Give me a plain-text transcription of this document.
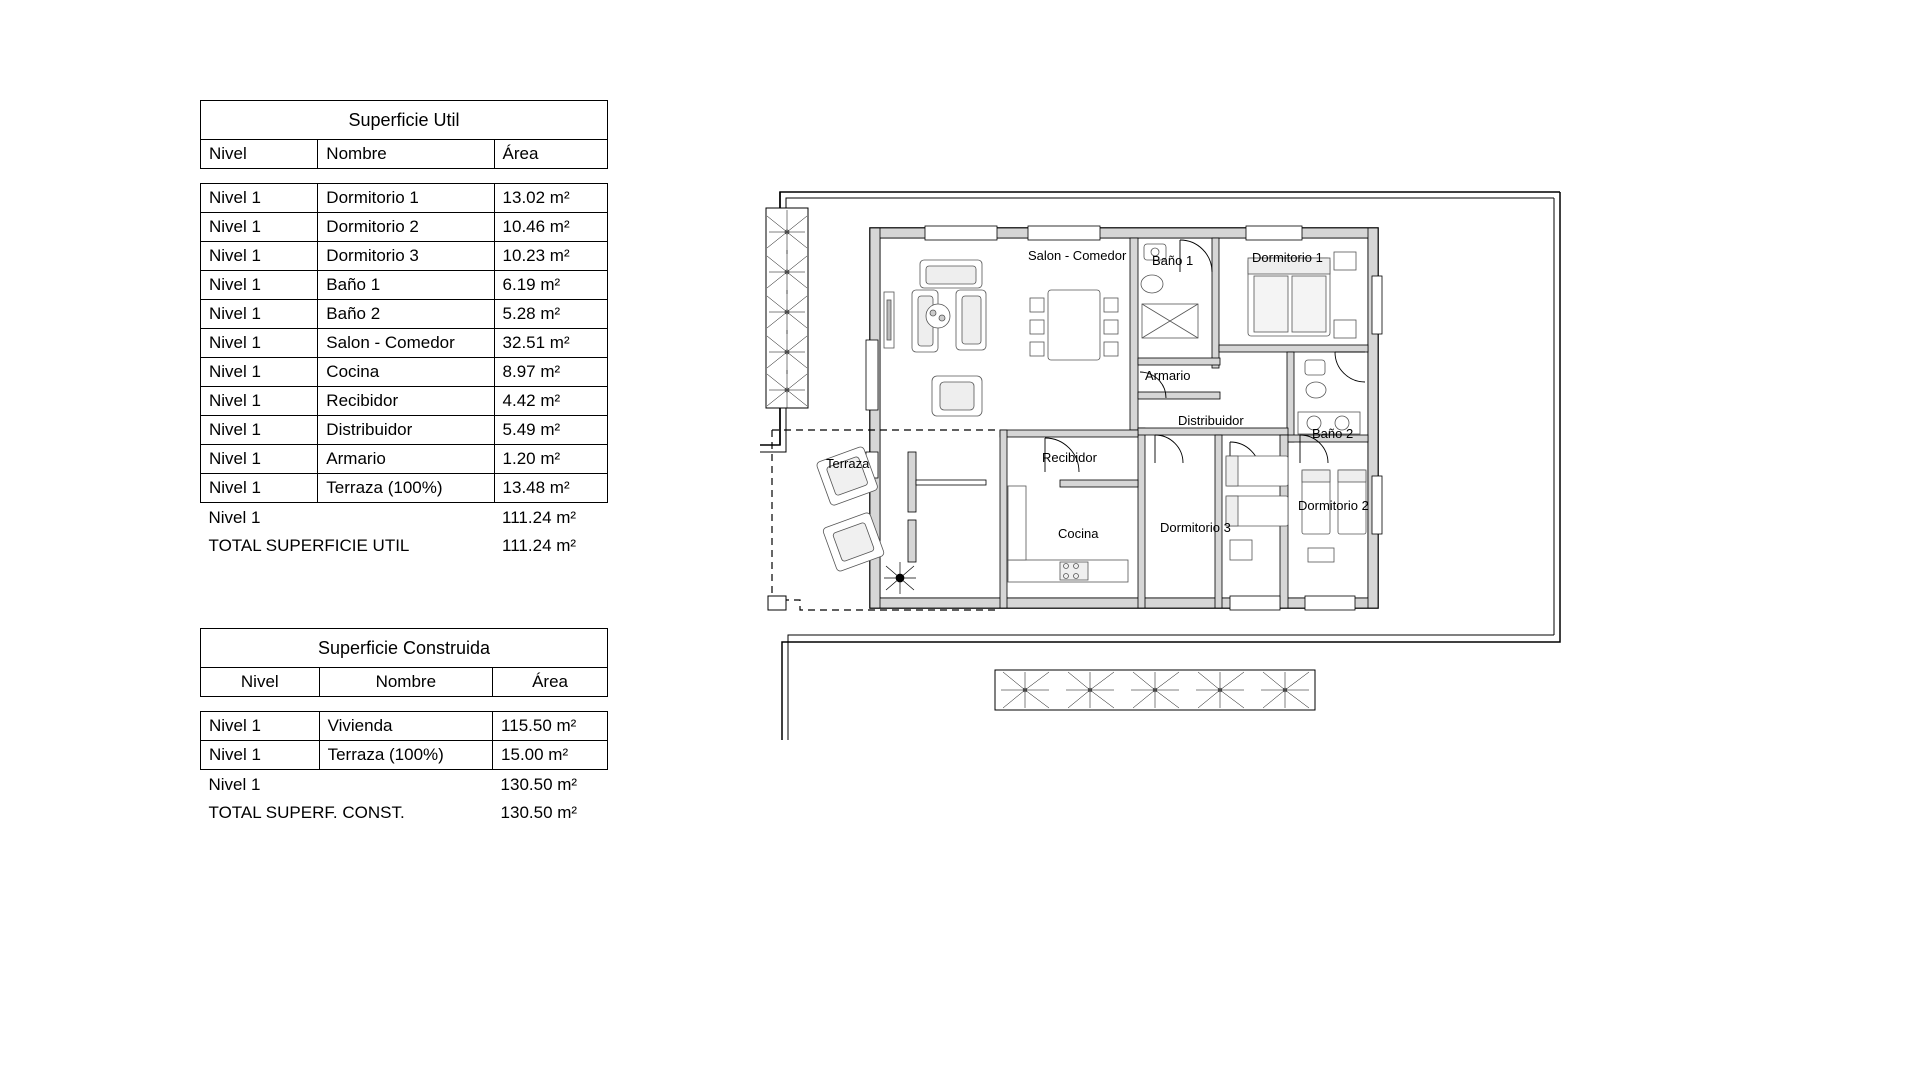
Superficie Util		
Nivel	Nombre	Área

Nivel 1	Dormitorio 1	13.02 m²
Nivel 1	Dormitorio 2	10.46 m²
Nivel 1	Dormitorio 3	10.23 m²
Nivel 1	Baño 1	6.19 m²
Nivel 1	Baño 2	5.28 m²
Nivel 1	Salon - Comedor	32.51 m²
Nivel 1	Cocina	8.97 m²
Nivel 1	Recibidor	4.42 m²
Nivel 1	Distribuidor	5.49 m²
Nivel 1	Armario	1.20 m²
Nivel 1	Terraza (100%)	13.48 m²
Nivel 1		111.24 m²
TOTAL SUPERFICIE UTIL		111.24 m²
Superficie Construida		
Nivel	Nombre	Área

Nivel 1	Vivienda	115.50 m²
Nivel 1	Terraza (100%)	15.00 m²
Nivel 1		130.50 m²
TOTAL SUPERF. CONST.		130.50 m²
Salon - Comedor Baño 1	Dormitorio 1
Armario
Distribuidor
Baño 2
Dormitorio 2
Dormitorio 3
Cocina
Recibidor
Terraza
